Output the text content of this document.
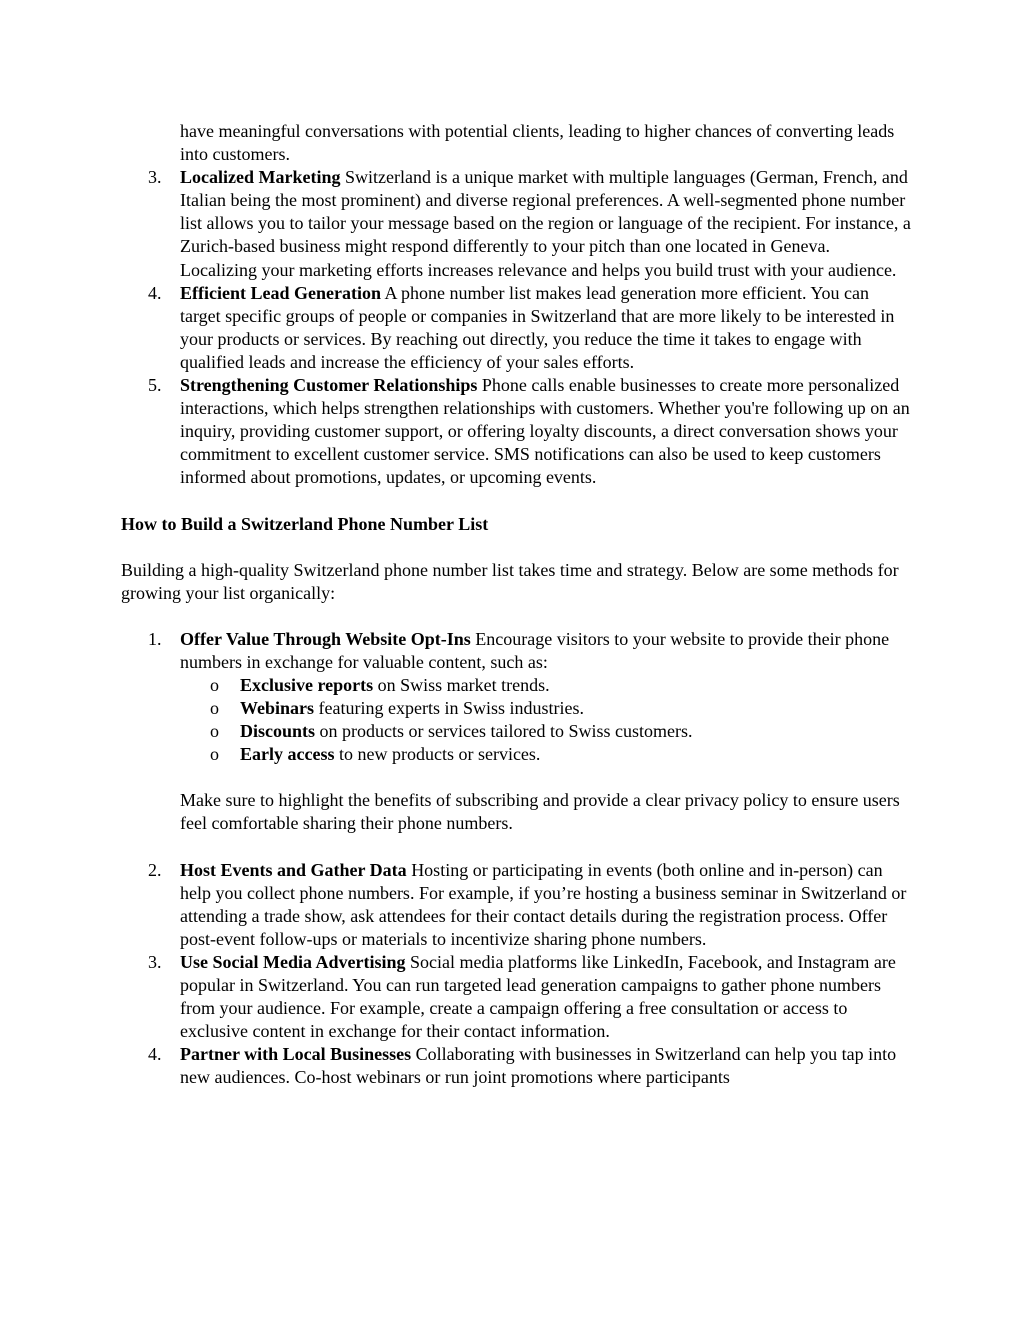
have meaningful conversations with potential clients, leading to higher chances of converting leads into customers.
3.	Localized Marketing Switzerland is a unique market with multiple languages (German, French, and Italian being the most prominent) and diverse regional preferences. A well-segmented phone number list allows you to tailor your message based on the region or language of the recipient. For instance, a Zurich-based business might respond differently to your pitch than one located in Geneva. Localizing your marketing efforts increases relevance and helps you build trust with your audience.
4.	Efficient Lead Generation A phone number list makes lead generation more efficient. You can target specific groups of people or companies in Switzerland that are more likely to be interested in your products or services. By reaching out directly, you reduce the time it takes to engage with qualified leads and increase the efficiency of your sales efforts.
5.	Strengthening Customer Relationships Phone calls enable businesses to create more personalized interactions, which helps strengthen relationships with customers. Whether you're following up on an inquiry, providing customer support, or offering loyalty discounts, a direct conversation shows your commitment to excellent customer service. SMS notifications can also be used to keep customers informed about promotions, updates, or upcoming events.
How to Build a Switzerland Phone Number List
Building a high-quality Switzerland phone number list takes time and strategy. Below are some methods for growing your list organically:
1.	Offer Value Through Website Opt-Ins Encourage visitors to your website to provide their phone numbers in exchange for valuable content, such as:
o Exclusive reports on Swiss market trends.
o Webinars featuring experts in Swiss industries.
o Discounts on products or services tailored to Swiss customers.
o Early access to new products or services.
Make sure to highlight the benefits of subscribing and provide a clear privacy policy to ensure users feel comfortable sharing their phone numbers.
2.	Host Events and Gather Data Hosting or participating in events (both online and in-person) can help you collect phone numbers. For example, if you’re hosting a business seminar in Switzerland or attending a trade show, ask attendees for their contact details during the registration process. Offer post-event follow-ups or materials to incentivize sharing phone numbers.
3.	Use Social Media Advertising Social media platforms like LinkedIn, Facebook, and Instagram are popular in Switzerland. You can run targeted lead generation campaigns to gather phone numbers from your audience. For example, create a campaign offering a free consultation or access to exclusive content in exchange for their contact information.
4.	Partner with Local Businesses Collaborating with businesses in Switzerland can help you tap into new audiences. Co-host webinars or run joint promotions where participants
